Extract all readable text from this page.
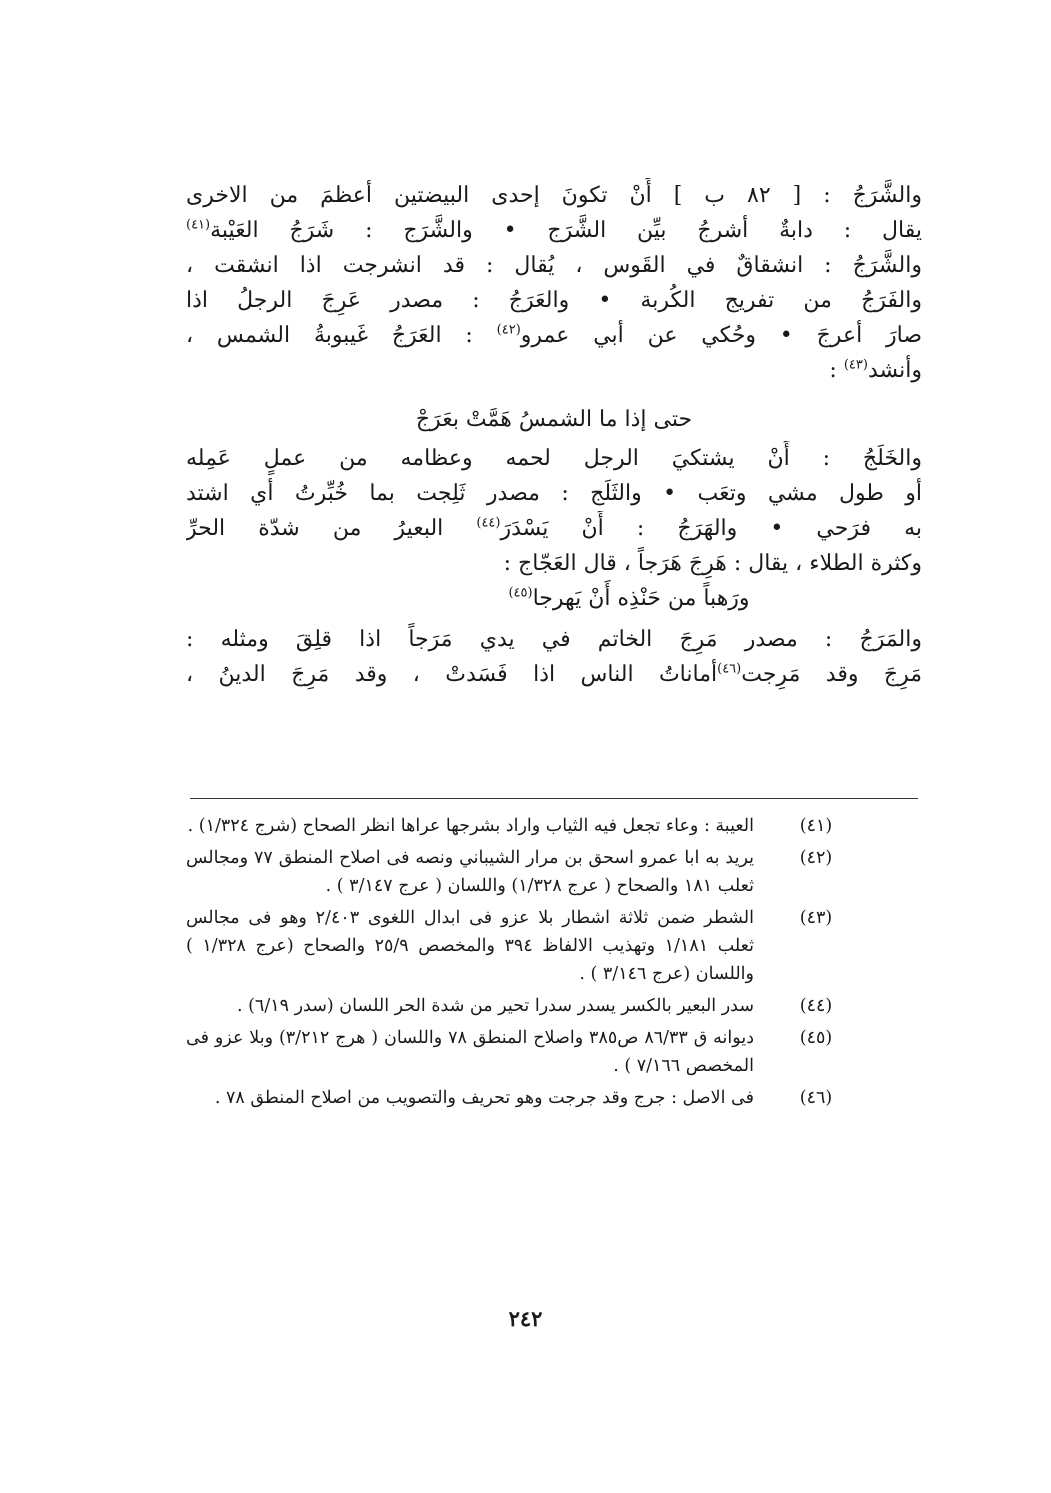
والشَّرَجُ : [ ٨٢ ب ] أَنْ تكونَ إحدى البيضتين أعظمَ من الاخرى
يقال : دابةٌ أشرجُ بيِّن الشَّرَج • والشَّرَج : شَرَجُ العَيْبة$^{(٤١)}$
والشَّرَجُ : انشقاقٌ في القَوس ، يُقال : قد انشرجت اذا انشقت ،
والفَرَجُ من تفريج الكُربة • والعَرَجُ : مصدر عَرِجَ الرجلُ اذا
صارَ أعرجَ • وحُكي عن أبي عمرو$^{(٤٢)}$ : العَرَجُ غَيبوبةُ الشمس ،
وأنشد$^{(٤٣)}$ :
حتى إذا ما الشمسُ هَمَّتْ بعَرَجْ
والخَلَجُ : أَنْ يشتكيَ الرجل لحمه وعظامه من عملٍ عَمِله
أو طول مشي وتعَب • والثَلَج : مصدر ثَلِجت بما خُبِّرتُ أي اشتد
به فرَحي • والهَرَجُ : أَنْ يَسْدَرَ$^{(٤٤)}$ البعيرُ من شدّة الحرِّ
وكثرة الطلاء ، يقال : هَرِجَ هَرَجاً ، قال العَجّاج :
ورَهباً من حَنْذِه أَنْ يَهرجا$^{(٤٥)}$
والمَرَجُ : مصدر مَرِجَ الخاتم في يدي مَرَجاً اذا قلِقَ ومثله :
مَرِجَ وقد مَرِجت$^{(٤٦)}$أماناتُ الناس اذا فَسَدتْ ، وقد مَرِجَ الدينُ ،
(٤١)
العيبة : وعاء تجعل فيه الثياب واراد بشرجها عراها انظر الصحاح (شرج ١/٣٢٤) .
(٤٢)
يريد به ابا عمرو اسحق بن مرار الشيباني ونصه فى اصلاح المنطق ٧٧ ومجالس ثعلب ١٨١ والصحاح ( عرج ١/٣٢٨) واللسان ( عرج ٣/١٤٧ ) .
(٤٣)
الشطر ضمن ثلاثة اشطار بلا عزو فى ابدال اللغوى ٢/٤٠٣ وهو فى مجالس ثعلب ١/١٨١ وتهذيب الالفاظ ٣٩٤ والمخصص ٢٥/٩ والصحاح (عرج ١/٣٢٨ ) واللسان (عرج ٣/١٤٦ ) .
(٤٤)
سدر البعير بالكسر يسدر سدرا تحير من شدة الحر اللسان (سدر ٦/١٩) .
(٤٥)
ديوانه ق ٨٦/٣٣ ص٣٨٥ واصلاح المنطق ٧٨ واللسان ( هرج ٣/٢١٢) وبلا عزو فى المخصص ٧/١٦٦ ) .
(٤٦)
فى الاصل : جرج وقد جرجت وهو تحريف والتصويب من اصلاح المنطق ٧٨ .
٢٤٢
